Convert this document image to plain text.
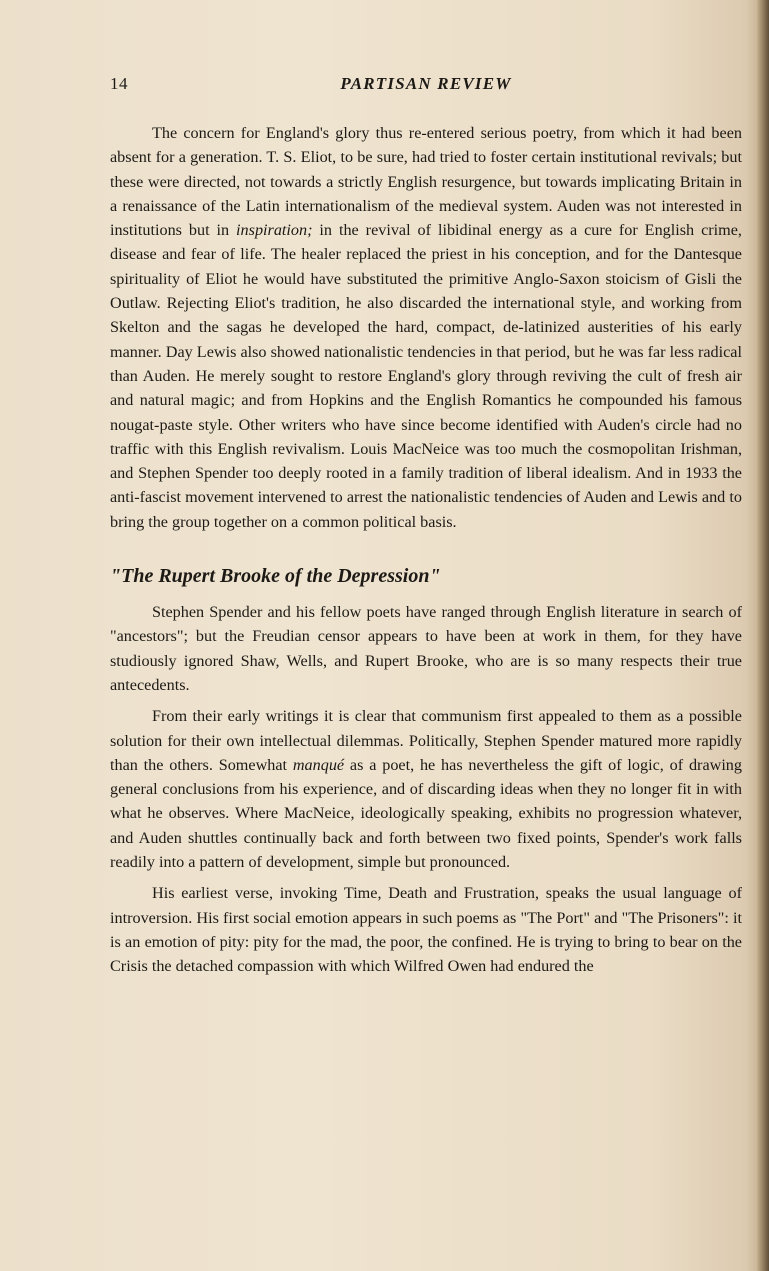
14	PARTISAN REVIEW

The concern for England's glory thus re-entered serious poetry, from which it had been absent for a generation. T. S. Eliot, to be sure, had tried to foster certain institutional revivals; but these were directed, not towards a strictly English resurgence, but towards implicating Britain in a renaissance of the Latin internationalism of the medieval system. Auden was not interested in institutions but in inspiration; in the revival of libidinal energy as a cure for English crime, disease and fear of life. The healer replaced the priest in his conception, and for the Dantesque spirituality of Eliot he would have substituted the primitive Anglo-Saxon stoicism of Gisli the Outlaw. Rejecting Eliot's tradition, he also discarded the international style, and working from Skelton and the sagas he developed the hard, compact, de-latinized austerities of his early manner. Day Lewis also showed nationalistic tendencies in that period, but he was far less radical than Auden. He merely sought to restore England's glory through reviving the cult of fresh air and natural magic; and from Hopkins and the English Romantics he compounded his famous nougat-paste style. Other writers who have since become identified with Auden's circle had no traffic with this English revivalism. Louis MacNeice was too much the cosmopolitan Irishman, and Stephen Spender too deeply rooted in a family tradition of liberal idealism. And in 1933 the anti-fascist movement intervened to arrest the nationalistic tendencies of Auden and Lewis and to bring the group together on a common political basis.

"The Rupert Brooke of the Depression"

Stephen Spender and his fellow poets have ranged through English literature in search of "ancestors"; but the Freudian censor appears to have been at work in them, for they have studiously ignored Shaw, Wells, and Rupert Brooke, who are is so many respects their true antecedents.

From their early writings it is clear that communism first appealed to them as a possible solution for their own intellectual dilemmas. Politically, Stephen Spender matured more rapidly than the others. Somewhat manqué as a poet, he has nevertheless the gift of logic, of drawing general conclusions from his experience, and of discarding ideas when they no longer fit in with what he observes. Where MacNeice, ideologically speaking, exhibits no progression whatever, and Auden shuttles continually back and forth between two fixed points, Spender's work falls readily into a pattern of development, simple but pronounced.

His earliest verse, invoking Time, Death and Frustration, speaks the usual language of introversion. His first social emotion appears in such poems as "The Port" and "The Prisoners": it is an emotion of pity: pity for the mad, the poor, the confined. He is trying to bring to bear on the Crisis the detached compassion with which Wilfred Owen had endured the
